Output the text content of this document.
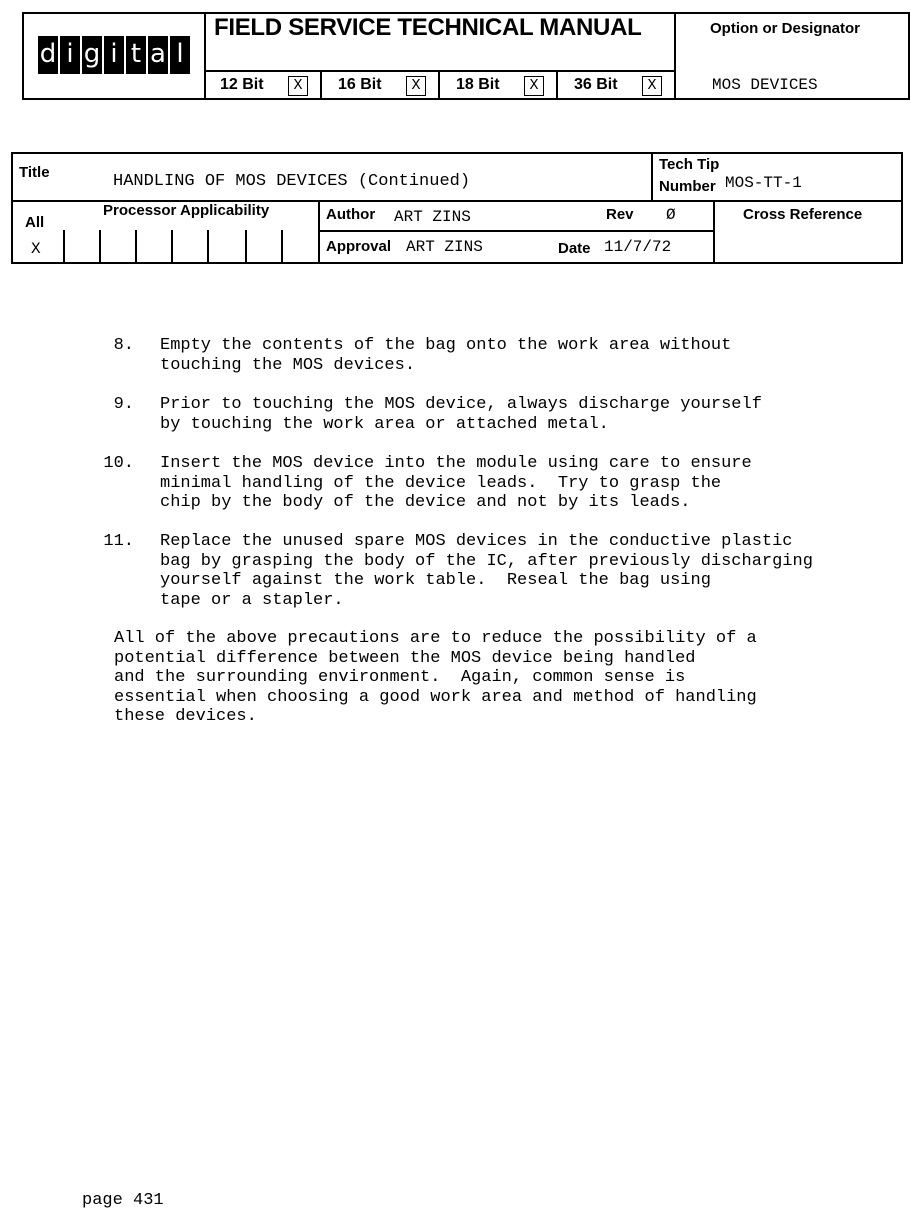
d i g i t a l
FIELD SERVICE TECHNICAL MANUAL
12 Bit	X	16 Bit	X	18 Bit	X	36 Bit	X
Option or Designator
MOS DEVICES
Title	HANDLING OF MOS DEVICES (Continued)
Tech Tip
Number MOS-TT-1
All
X
Processor Applicability	Author ART ZINS	Rev Ø
Approval ART ZINS	Date 11/7/72
Cross Reference
8. Empty the contents of the bag onto the work area without
touching the MOS devices.
9. Prior to touching the MOS device, always discharge yourself
by touching the work area or attached metal.
10. Insert the MOS device into the module using care to ensure
minimal handling of the device leads.  Try to grasp the
chip by the body of the device and not by its leads.
11. Replace the unused spare MOS devices in the conductive plastic
bag by grasping the body of the IC, after previously discharging
yourself against the work table.  Reseal the bag using
tape or a stapler.
All of the above precautions are to reduce the possibility of a
potential difference between the MOS device being handled
and the surrounding environment.  Again, common sense is
essential when choosing a good work area and method of handling
these devices.
page 431
